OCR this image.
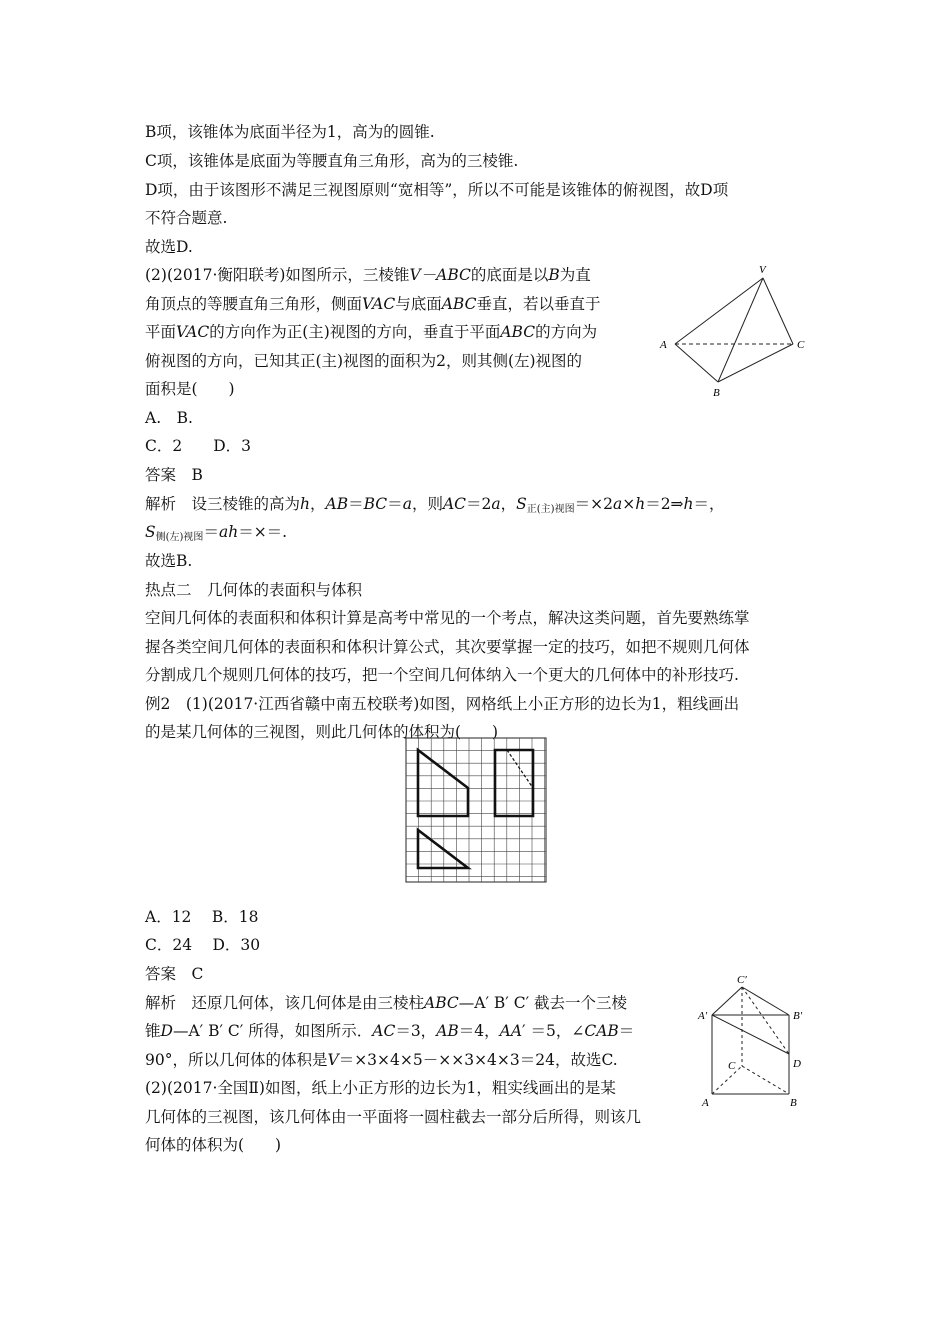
B项，该锥体为底面半径为1，高为的圆锥.
C项，该锥体是底面为等腰直角三角形，高为的三棱锥.
D项，由于该图形不满足三视图原则“宽相等”，所以不可能是该锥体的俯视图，故D项
不符合题意.
故选D.
(2)(2017·衡阳联考)如图所示，三棱锥V－ABC的底面是以B为直
角顶点的等腰直角三角形，侧面VAC与底面ABC垂直，若以垂直于
平面VAC的方向作为正(主)视图的方向，垂直于平面ABC的方向为
俯视图的方向，已知其正(主)视图的面积为2，则其侧(左)视图的
面积是(　　)
A.　B.
C．2　　D．3
答案　B
解析　设三棱锥的高为h，AB＝BC＝a，则AC＝2a，$S_{正(主)视图}=\times 2a\times h=2\Rightarrow h=$，
$S_{侧(左)视图}=ah=\times=$.
故选B.
热点二　几何体的表面积与体积
空间几何体的表面积和体积计算是高考中常见的一个考点，解决这类问题，首先要熟练掌
握各类空间几何体的表面积和体积计算公式，其次要掌握一定的技巧，如把不规则几何体
分割成几个规则几何体的技巧，把一个空间几何体纳入一个更大的几何体中的补形技巧.
例2　(1)(2017·江西省赣中南五校联考)如图，网格纸上小正方形的边长为1，粗线画出
的是某几何体的三视图，则此几何体的体积为(　　)
A．12　 B．18
C．24　 D．30
答案　C
解析　还原几何体，该几何体是由三棱柱ABC—A′ B′ C′ 截去一个三棱
锥D—A′ B′ C′ 所得，如图所示．AC＝3，AB＝4，AA′ ＝5，∠CAB＝
90°，所以几何体的体积是V＝×3×4×5－××3×4×3＝24，故选C.
(2)(2017·全国Ⅱ)如图，纸上小正方形的边长为1，粗实线画出的是某
几何体的三视图，该几何体由一平面将一圆柱截去一部分后所得，则该几
何体的体积为(　　)
V
A	C
B
C′
A′	B′
D
C
A	B
